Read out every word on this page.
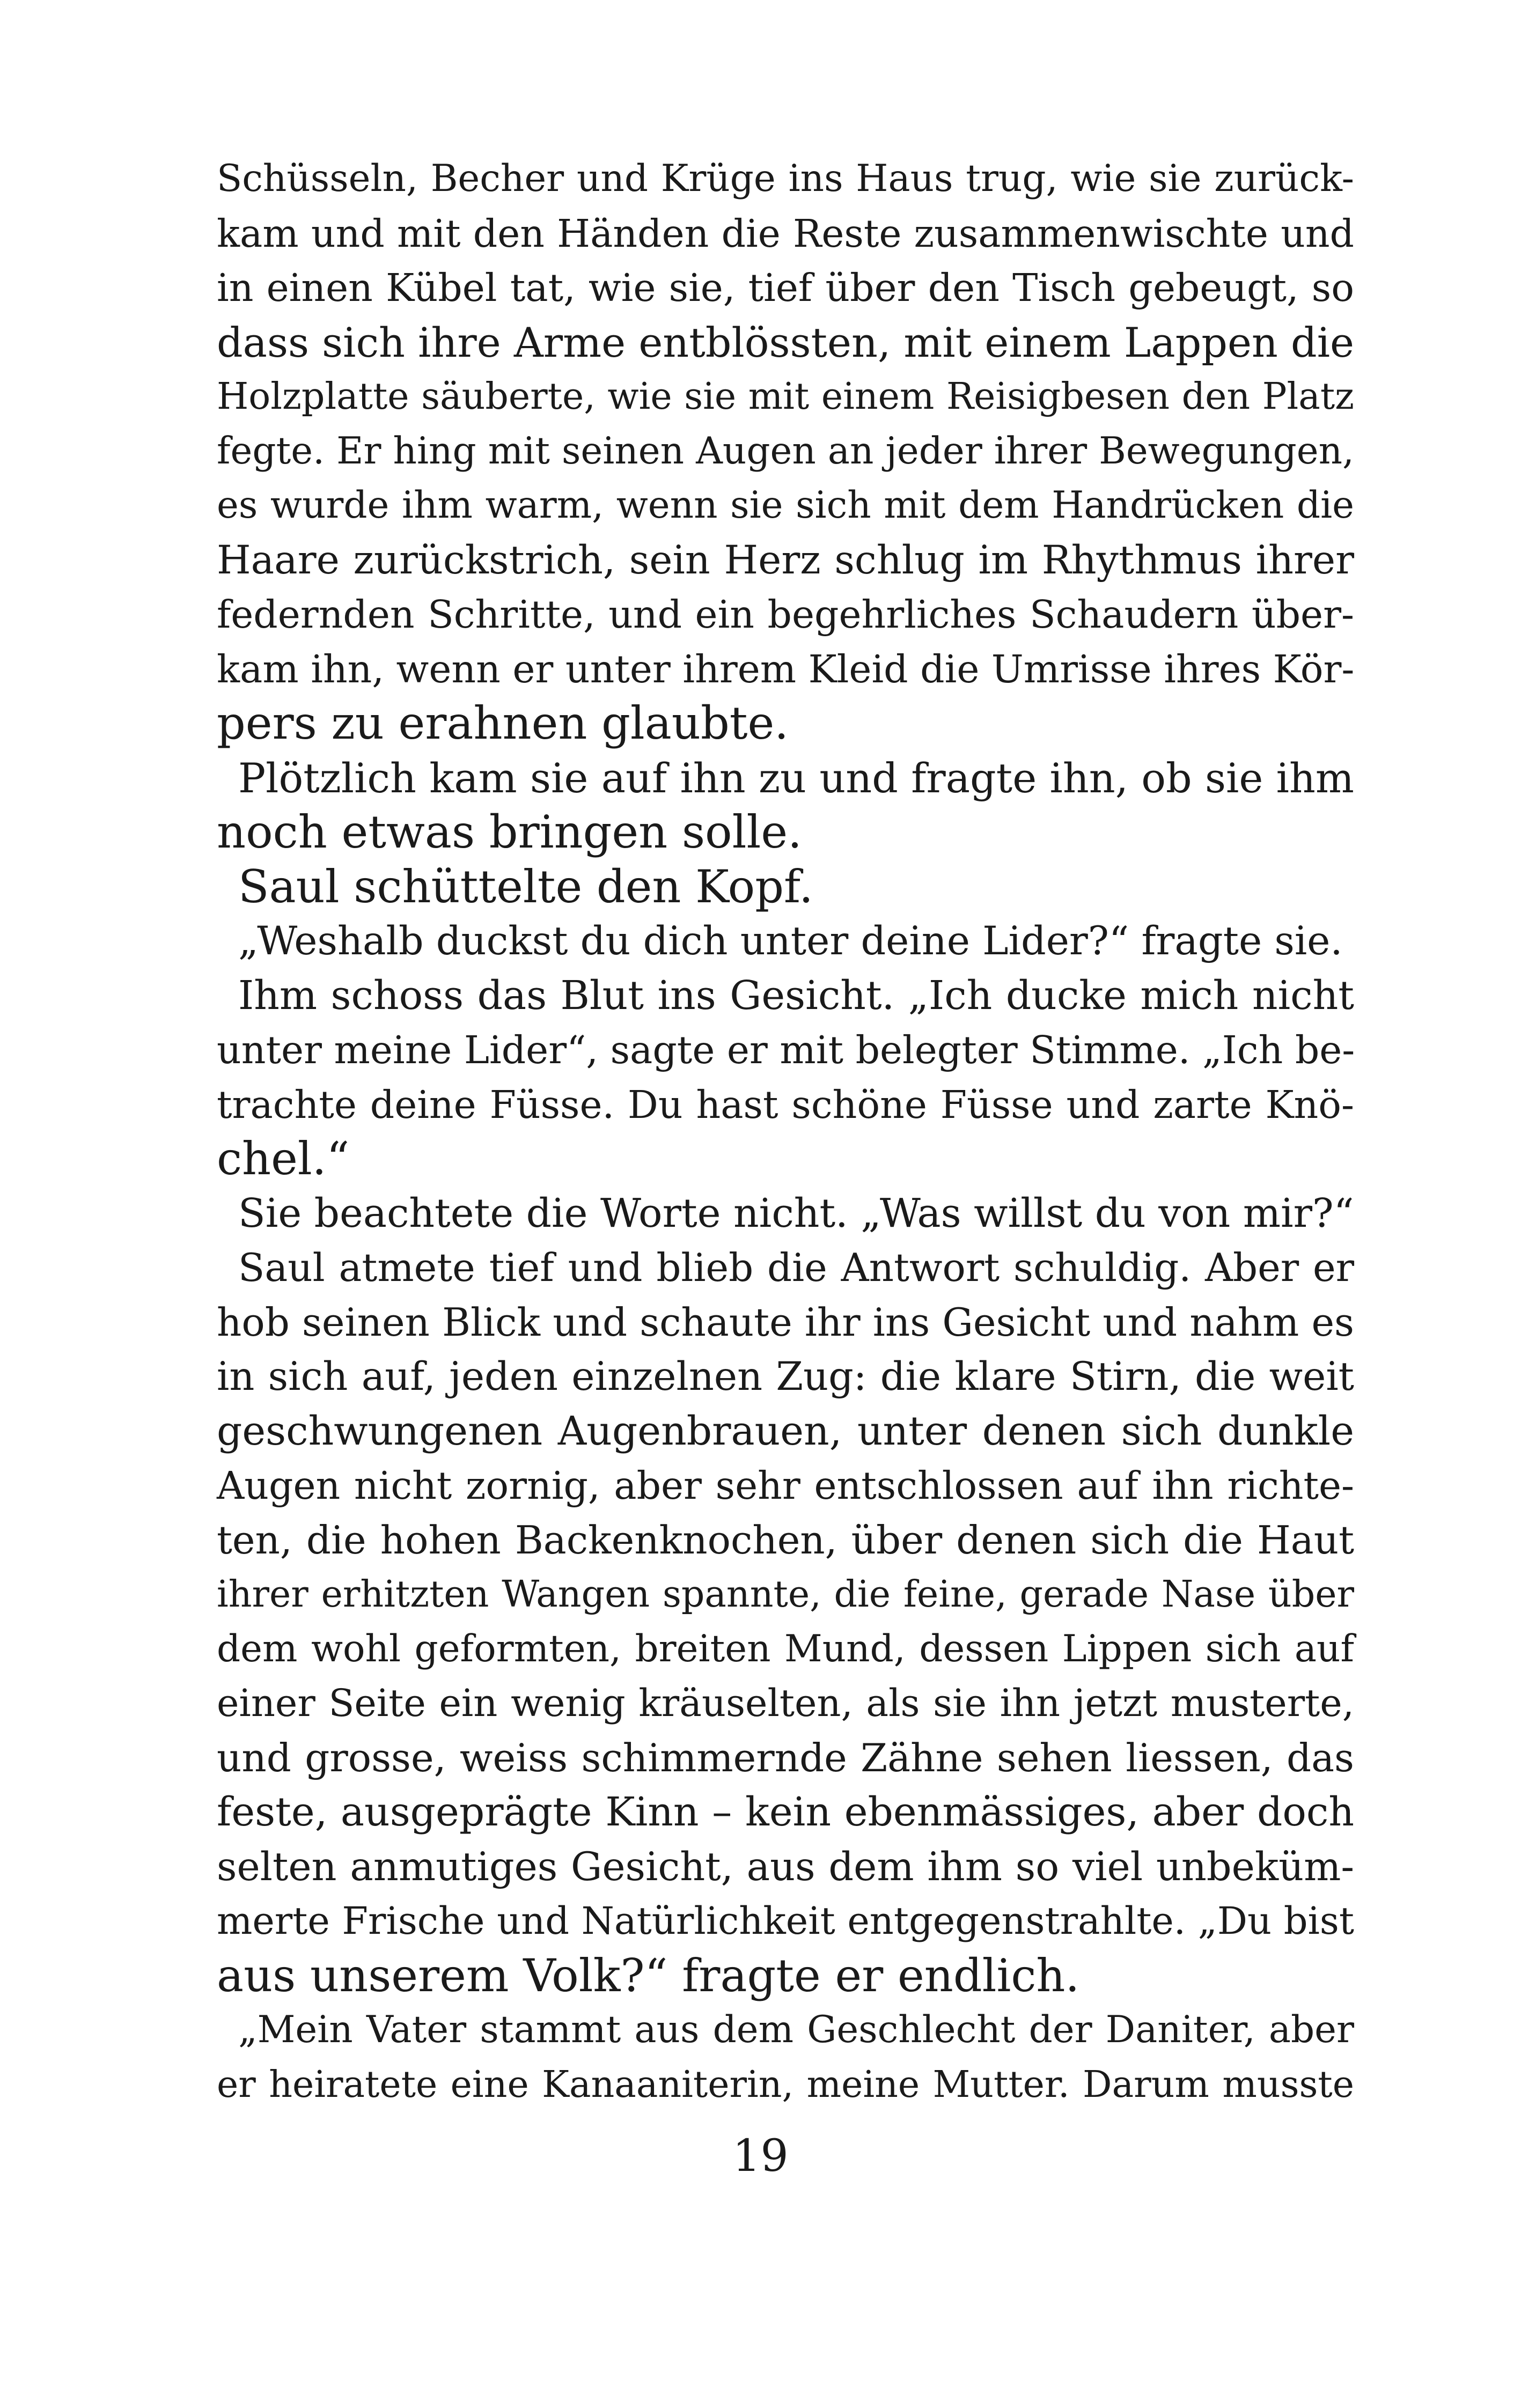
Schüsseln, Becher und Krüge ins Haus trug, wie sie zurück-
kam und mit den Händen die Reste zusammenwischte und
in einen Kübel tat, wie sie, tief über den Tisch gebeugt, so
dass sich ihre Arme entblössten, mit einem Lappen die
Holzplatte säuberte, wie sie mit einem Reisigbesen den Platz
fegte. Er hing mit seinen Augen an jeder ihrer Bewegungen,
es wurde ihm warm, wenn sie sich mit dem Handrücken die
Haare zurückstrich, sein Herz schlug im Rhythmus ihrer
federnden Schritte, und ein begehrliches Schaudern über-
kam ihn, wenn er unter ihrem Kleid die Umrisse ihres Kör-
pers zu erahnen glaubte.
Plötzlich kam sie auf ihn zu und fragte ihn, ob sie ihm
noch etwas bringen solle.
Saul schüttelte den Kopf.
„Weshalb duckst du dich unter deine Lider?“ fragte sie.
Ihm schoss das Blut ins Gesicht. „Ich ducke mich nicht
unter meine Lider“, sagte er mit belegter Stimme. „Ich be-
trachte deine Füsse. Du hast schöne Füsse und zarte Knö-
chel.“
Sie beachtete die Worte nicht. „Was willst du von mir?“
Saul atmete tief und blieb die Antwort schuldig. Aber er
hob seinen Blick und schaute ihr ins Gesicht und nahm es
in sich auf, jeden einzelnen Zug: die klare Stirn, die weit
geschwungenen Augenbrauen, unter denen sich dunkle
Augen nicht zornig, aber sehr entschlossen auf ihn richte-
ten, die hohen Backenknochen, über denen sich die Haut
ihrer erhitzten Wangen spannte, die feine, gerade Nase über
dem wohl geformten, breiten Mund, dessen Lippen sich auf
einer Seite ein wenig kräuselten, als sie ihn jetzt musterte,
und grosse, weiss schimmernde Zähne sehen liessen, das
feste, ausgeprägte Kinn – kein ebenmässiges, aber doch
selten anmutiges Gesicht, aus dem ihm so viel unbeküm-
merte Frische und Natürlichkeit entgegenstrahlte. „Du bist
aus unserem Volk?“ fragte er endlich.
„Mein Vater stammt aus dem Geschlecht der Daniter, aber
er heiratete eine Kanaaniterin, meine Mutter. Darum musste
19
